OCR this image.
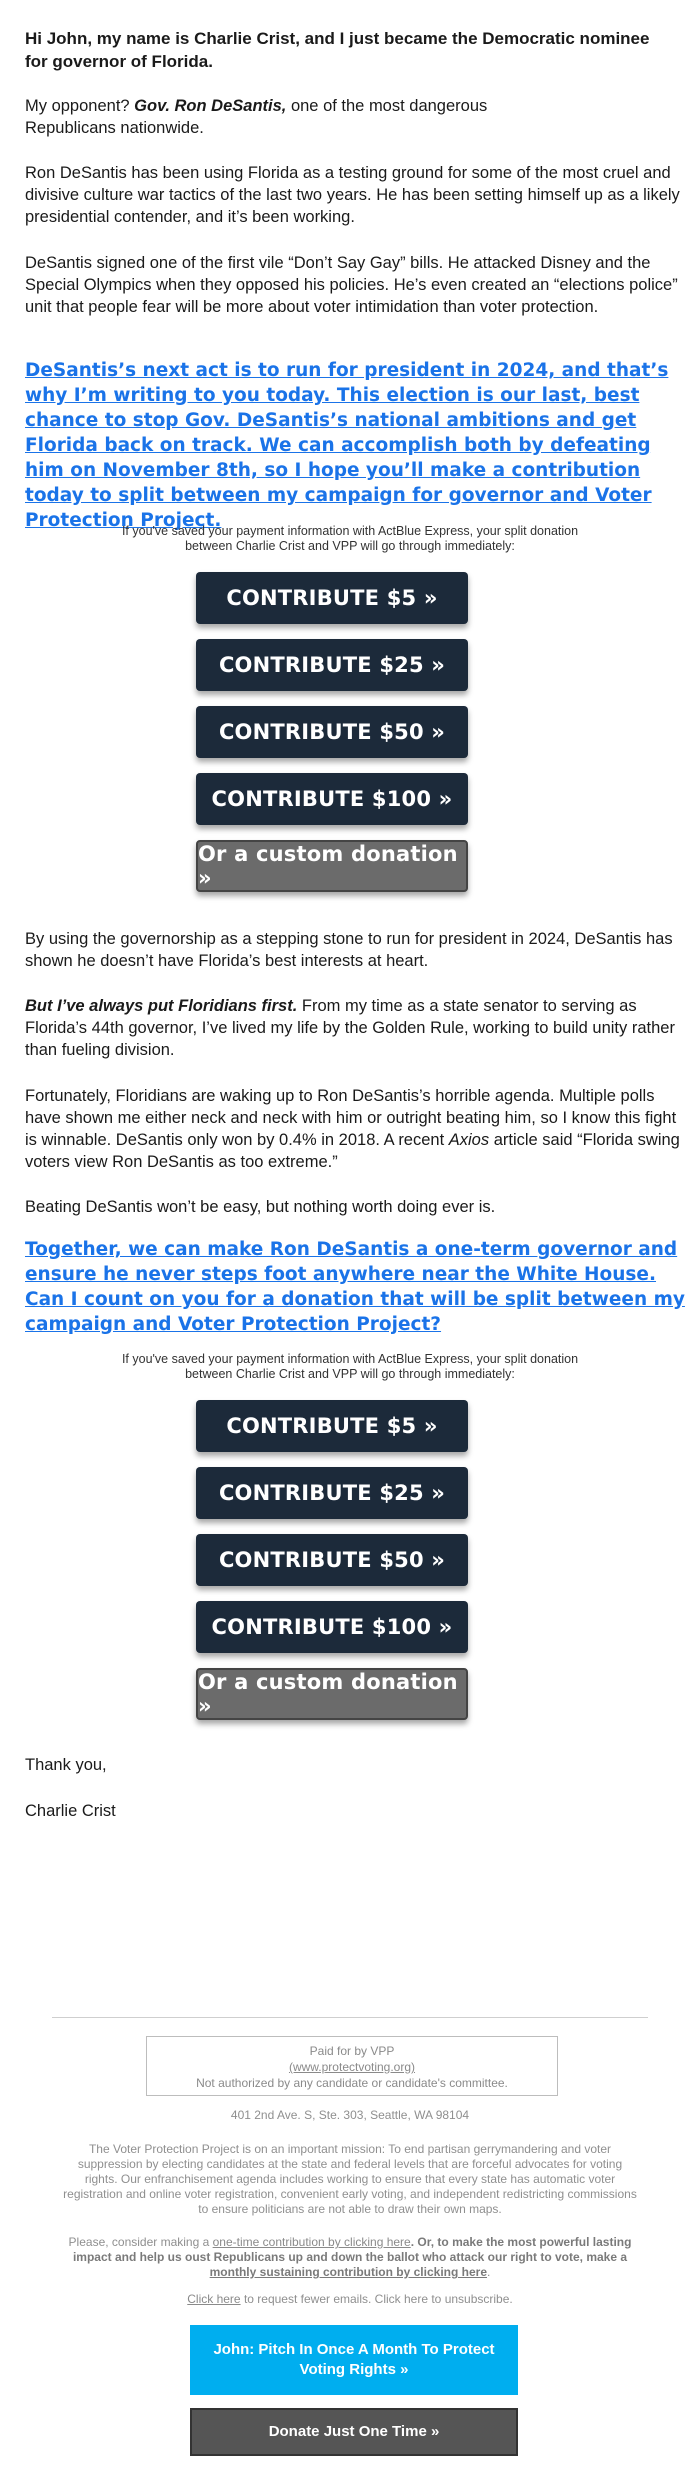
Hi John, my name is Charlie Crist, and I just became the Democratic nominee for governor of Florida.

My opponent? Gov. Ron DeSantis, one of the most dangerous Republicans nationwide.

Ron DeSantis has been using Florida as a testing ground for some of the most cruel and divisive culture war tactics of the last two years. He has been setting himself up as a likely presidential contender, and it’s been working.

DeSantis signed one of the first vile “Don’t Say Gay” bills. He attacked Disney and the Special Olympics when they opposed his policies. He’s even created an “elections police” unit that people fear will be more about voter intimidation than voter protection.

DeSantis’s next act is to run for president in 2024, and that’s why I’m writing to you today. This election is our last, best chance to stop Gov. DeSantis’s national ambitions and get Florida back on track. We can accomplish both by defeating him on November 8th, so I hope you’ll make a contribution today to split between my campaign for governor and Voter Protection Project.

If you've saved your payment information with ActBlue Express, your split donation between Charlie Crist and VPP will go through immediately:

CONTRIBUTE $5 »
CONTRIBUTE $25 »
CONTRIBUTE $50 »
CONTRIBUTE $100 »
Or a custom donation »

By using the governorship as a stepping stone to run for president in 2024, DeSantis has shown he doesn’t have Florida’s best interests at heart.

But I’ve always put Floridians first. From my time as a state senator to serving as Florida’s 44th governor, I’ve lived my life by the Golden Rule, working to build unity rather than fueling division.

Fortunately, Floridians are waking up to Ron DeSantis’s horrible agenda. Multiple polls have shown me either neck and neck with him or outright beating him, so I know this fight is winnable. DeSantis only won by 0.4% in 2018. A recent Axios article said “Florida swing voters view Ron DeSantis as too extreme.”

Beating DeSantis won’t be easy, but nothing worth doing ever is.

Together, we can make Ron DeSantis a one-term governor and ensure he never steps foot anywhere near the White House. Can I count on you for a donation that will be split between my campaign and Voter Protection Project?

If you've saved your payment information with ActBlue Express, your split donation between Charlie Crist and VPP will go through immediately:

CONTRIBUTE $5 »
CONTRIBUTE $25 »
CONTRIBUTE $50 »
CONTRIBUTE $100 »
Or a custom donation »

Thank you,

Charlie Crist

Paid for by VPP
(www.protectvoting.org)
Not authorized by any candidate or candidate's committee.
401 2nd Ave. S, Ste. 303, Seattle, WA 98104
The Voter Protection Project is on an important mission: To end partisan gerrymandering and voter suppression by electing candidates at the state and federal levels that are forceful advocates for voting rights. Our enfranchisement agenda includes working to ensure that every state has automatic voter registration and online voter registration, convenient early voting, and independent redistricting commissions to ensure politicians are not able to draw their own maps.
Please, consider making a one-time contribution by clicking here. Or, to make the most powerful lasting impact and help us oust Republicans up and down the ballot who attack our right to vote, make a monthly sustaining contribution by clicking here.
Click here to request fewer emails. Click here to unsubscribe.
John: Pitch In Once A Month To Protect Voting Rights »
Donate Just One Time »
